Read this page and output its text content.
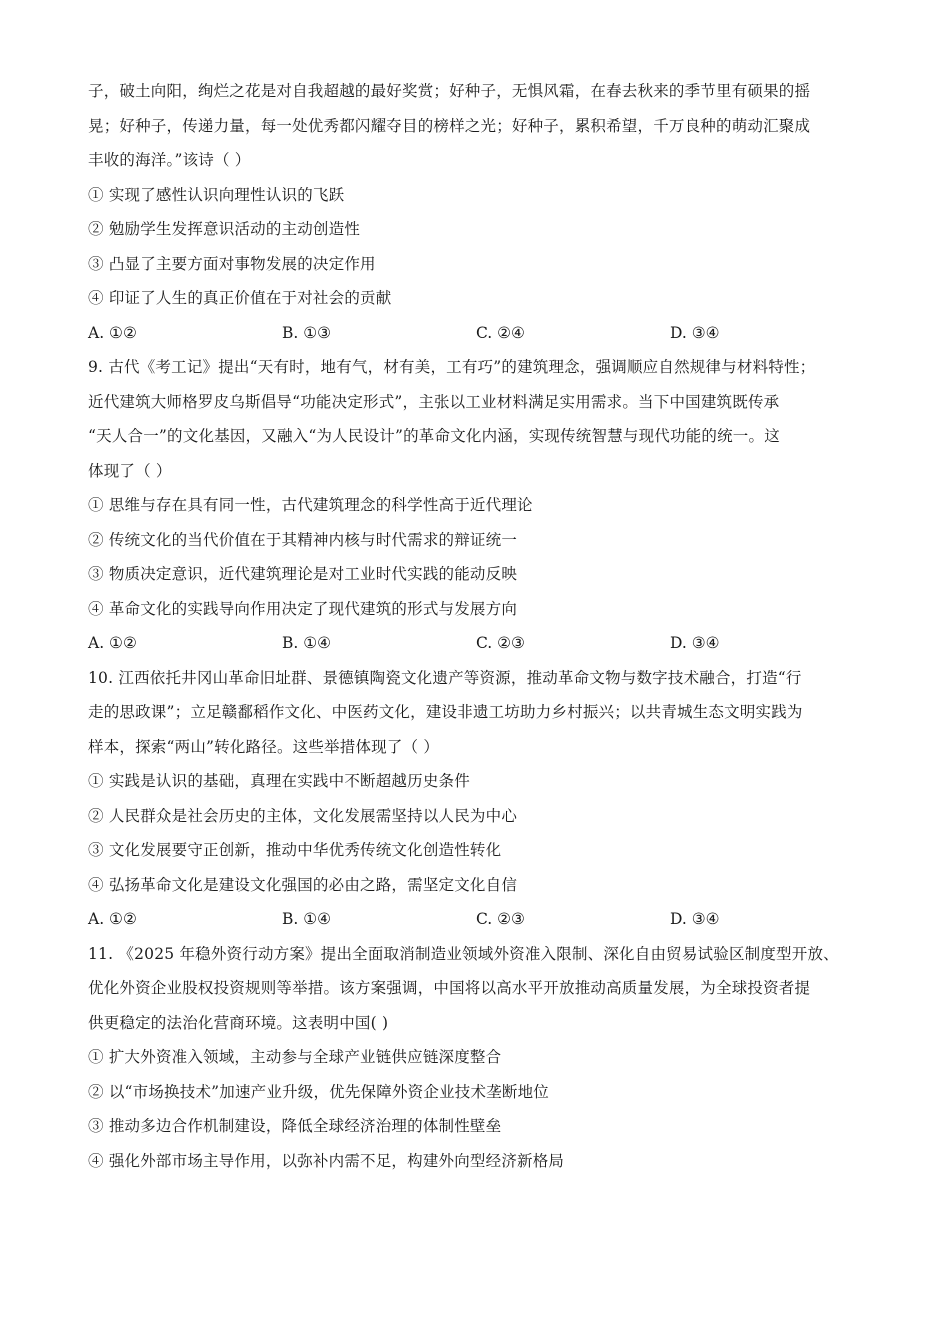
子，破土向阳，绚烂之花是对自我超越的最好奖赏；好种子，无惧风霜，在春去秋来的季节里有硕果的摇
晃；好种子，传递力量，每一处优秀都闪耀夺目的榜样之光；好种子，累积希望，千万良种的萌动汇聚成
丰收的海洋。”该诗（ ）
① 实现了感性认识向理性认识的飞跃
② 勉励学生发挥意识活动的主动创造性
③ 凸显了主要方面对事物发展的决定作用
④ 印证了人生的真正价值在于对社会的贡献
A. ①②	B. ①③	C. ②④	D. ③④
9. 古代《考工记》提出“天有时，地有气，材有美，工有巧”的建筑理念，强调顺应自然规律与材料特性；
近代建筑大师格罗皮乌斯倡导“功能决定形式”，主张以工业材料满足实用需求。当下中国建筑既传承
“天人合一”的文化基因，又融入“为人民设计”的革命文化内涵，实现传统智慧与现代功能的统一。这
体现了（ ）
① 思维与存在具有同一性，古代建筑理念的科学性高于近代理论
② 传统文化的当代价值在于其精神内核与时代需求的辩证统一
③ 物质决定意识，近代建筑理论是对工业时代实践的能动反映
④ 革命文化的实践导向作用决定了现代建筑的形式与发展方向
A. ①②	B. ①④	C. ②③	D. ③④
10. 江西依托井冈山革命旧址群、景德镇陶瓷文化遗产等资源，推动革命文物与数字技术融合，打造“行
走的思政课”；立足赣鄱稻作文化、中医药文化，建设非遗工坊助力乡村振兴；以共青城生态文明实践为
样本，探索“两山”转化路径。这些举措体现了（ ）
① 实践是认识的基础，真理在实践中不断超越历史条件
② 人民群众是社会历史的主体，文化发展需坚持以人民为中心
③ 文化发展要守正创新，推动中华优秀传统文化创造性转化
④ 弘扬革命文化是建设文化强国的必由之路，需坚定文化自信
A. ①②	B. ①④	C. ②③	D. ③④
11. 《2025 年稳外资行动方案》提出全面取消制造业领域外资准入限制、深化自由贸易试验区制度型开放、
优化外资企业股权投资规则等举措。该方案强调，中国将以高水平开放推动高质量发展，为全球投资者提
供更稳定的法治化营商环境。这表明中国( )
① 扩大外资准入领域，主动参与全球产业链供应链深度整合
② 以“市场换技术”加速产业升级，优先保障外资企业技术垄断地位
③ 推动多边合作机制建设，降低全球经济治理的体制性壁垒
④ 强化外部市场主导作用，以弥补内需不足，构建外向型经济新格局
